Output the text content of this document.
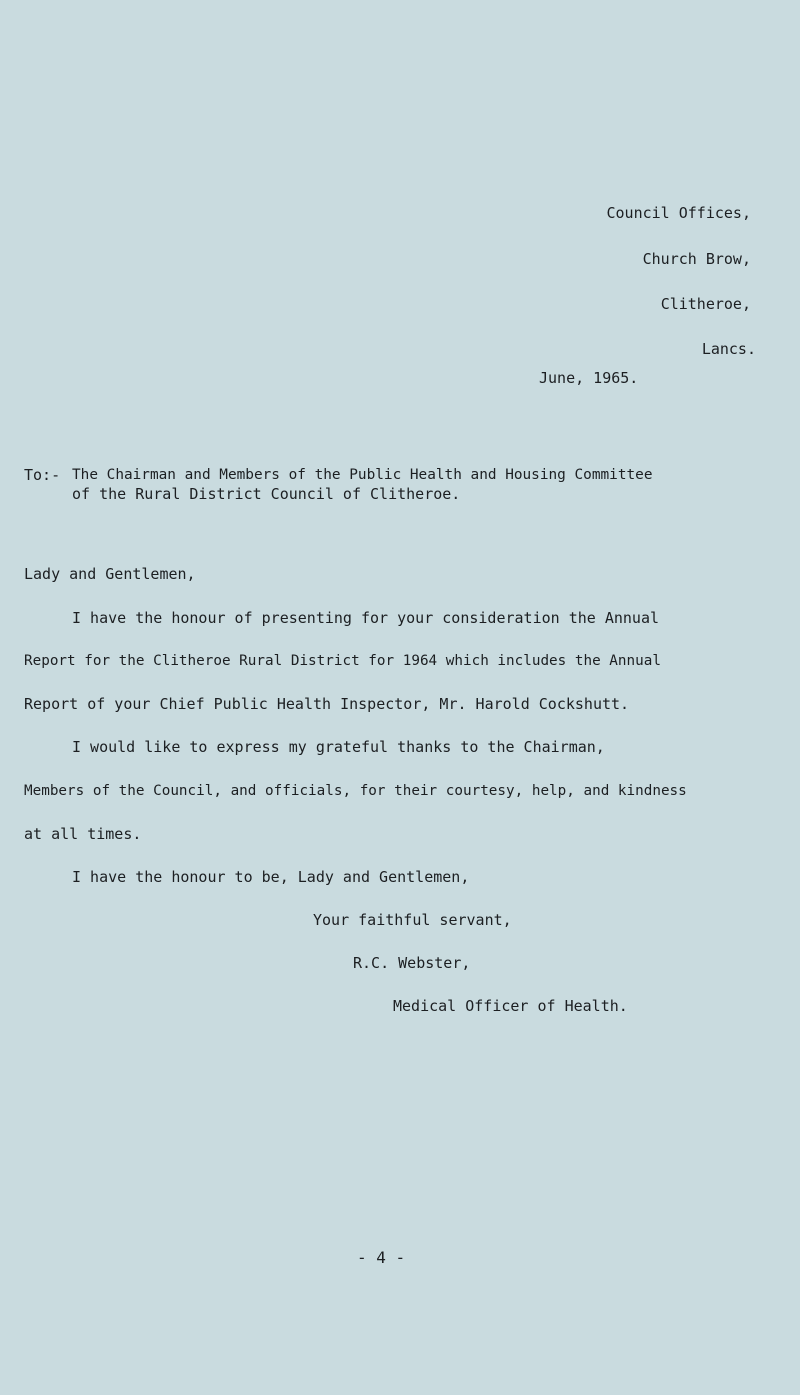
Council Offices,
Church Brow,
Clitheroe,
Lancs.
June, 1965.
To:- The Chairman and Members of the Public Health and Housing Committee
of the Rural District Council of Clitheroe.
Lady and Gentlemen,
I have the honour of presenting for your consideration the Annual
Report for the Clitheroe Rural District for 1964 which includes the Annual
Report of your Chief Public Health Inspector, Mr. Harold Cockshutt.
I would like to express my grateful thanks to the Chairman,
Members of the Council, and officials, for their courtesy, help, and kindness
at all times.
I have the honour to be, Lady and Gentlemen,
Your faithful servant,
R.C. Webster,
Medical Officer of Health.
- 4 -
